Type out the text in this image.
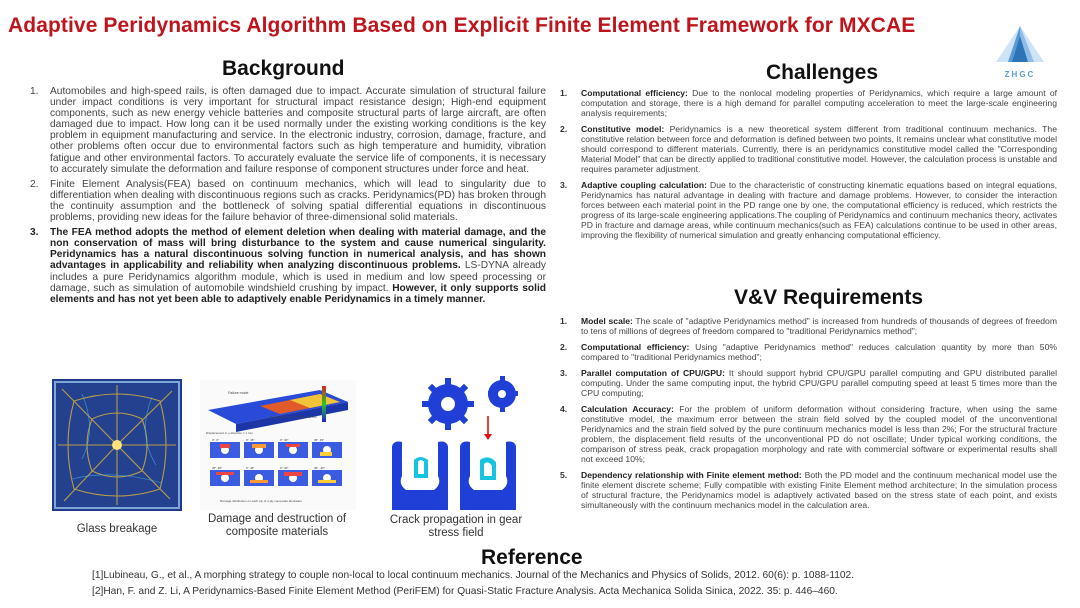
Adaptive Peridynamics Algorithm Based on Explicit Finite Element Framework for MXCAE
ZHGC
Background
1. Automobiles and high-speed rails, is often damaged due to impact. Accurate simulation of structural failure under impact conditions is very important for structural impact resistance design; High-end equipment components, such as new energy vehicle batteries and composite structural parts of large aircraft, are often damaged due to impact. How long can it be used normally under the existing working conditions is the key problem in equipment manufacturing and service. In the electronic industry, corrosion, damage, fracture, and other problems often occur due to environmental factors such as high temperature and humidity, vibration fatigue and other environmental factors. To accurately evaluate the service life of components, it is necessary to accurately simulate the deformation and failure response of component structures under force and heat.
2. Finite Element Analysis(FEA) based on continuum mechanics, which will lead to singularity due to differentiation when dealing with discontinuous regions such as cracks. Peridynamics(PD) has broken through the continuity assumption and the bottleneck of solving spatial differential equations in discontinuous problems, providing new ideas for the failure behavior of three-dimensional solid materials.
3. The FEA method adopts the method of element deletion when dealing with material damage, and the non conservation of mass will bring disturbance to the system and cause numerical singularity. Peridynamics has a natural discontinuous solving function in numerical analysis, and has shown advantages in applicability and reliability when analyzing discontinuous problems. LS-DYNA already includes a pure Peridynamics algorithm module, which is used in medium and low speed processing or damage, such as simulation of automobile windshield crushing by impact. However, it only supports solid elements and has not yet been able to adaptively enable Peridynamics in a timely manner.
Glass breakage
Failure mode
Displacement in x direction = 5 mm
Displacement in y-direction = 1 mm
0°, 0°	0°, 45°	0°, 90°	45°, 45°
45°, 90°	0°, 45°	0°, 90°	45°, -45°
Damage distribution on each ply of 4-ply composite laminates
Damage and destruction of composite materials
Crack propagation in gear stress field
Challenges
1. Computational efficiency: Due to the nonlocal modeling properties of Peridynamics, which require a large amount of computation and storage, there is a high demand for parallel computing acceleration to meet the large-scale engineering analysis requirements;
2. Constitutive model: Peridynamics is a new theoretical system different from traditional continuum mechanics. The constitutive relation between force and deformation is defined between two points, It remains unclear what constitutive model should correspond to different materials. Currently, there is an peridynamics constitutive model called the "Corresponding Material Model" that can be directly applied to traditional constitutive model. However, the calculation process is unstable and requires parameter adjustment.
3. Adaptive coupling calculation: Due to the characteristic of constructing kinematic equations based on integral equations, Peridynamics has natural advantage in dealing with fracture and damage problems. However, to consider the interaction forces between each material point in the PD range one by one, the computational efficiency is reduced, which restricts the progress of its large-scale engineering applications.The coupling of Peridynamics and continuum mechanics theory, activates PD in fracture and damage areas, while continuum mechanics(such as FEA) calculations continue to be used in other areas, improving the flexibility of numerical simulation and greatly enhancing computational efficiency.
V&V Requirements
1. Model scale: The scale of "adaptive Peridynamics method" is increased from hundreds of thousands of degrees of freedom to tens of millions of degrees of freedom compared to "traditional Peridynamics method";
2. Computational efficiency: Using "adaptive Peridynamics method" reduces calculation quantity by more than 50% compared to "traditional Peridynamics method";
3. Parallel computation of CPU/GPU: It should support hybrid CPU/GPU parallel computing and GPU distributed parallel computing. Under the same computing input, the hybrid CPU/GPU parallel computing speed at least 5 times more than the CPU computing;
4. Calculation Accuracy: For the problem of uniform deformation without considering fracture, when using the same constitutive model, the maximum error between the strain field solved by the coupled model of the unconventional Peridynamics and the strain field solved by the pure continuum mechanics model is less than 2%; For the structural fracture problem, the displacement field results of the unconventional PD do not oscillate; Under typical working conditions, the comparison of stress peak, crack propagation morphology and rate with commercial software or experimental results shall not exceed 10%;
5. Dependency relationship with Finite element method: Both the PD model and the continuum mechanical model use the finite element discrete scheme; Fully compatible with existing Finite Element method architecture; In the simulation process of structural fracture, the Peridynamics model is adaptively activated based on the stress state of each point, and exists simultaneously with the continuum mechanics model in the calculation area.
Reference
[1]Lubineau, G., et al., A morphing strategy to couple non-local to local continuum mechanics. Journal of the Mechanics and Physics of Solids, 2012. 60(6): p. 1088-1102.
[2]Han, F. and Z. Li, A Peridynamics-Based Finite Element Method (PeriFEM) for Quasi-Static Fracture Analysis. Acta Mechanica Solida Sinica, 2022. 35: p. 446–460.
